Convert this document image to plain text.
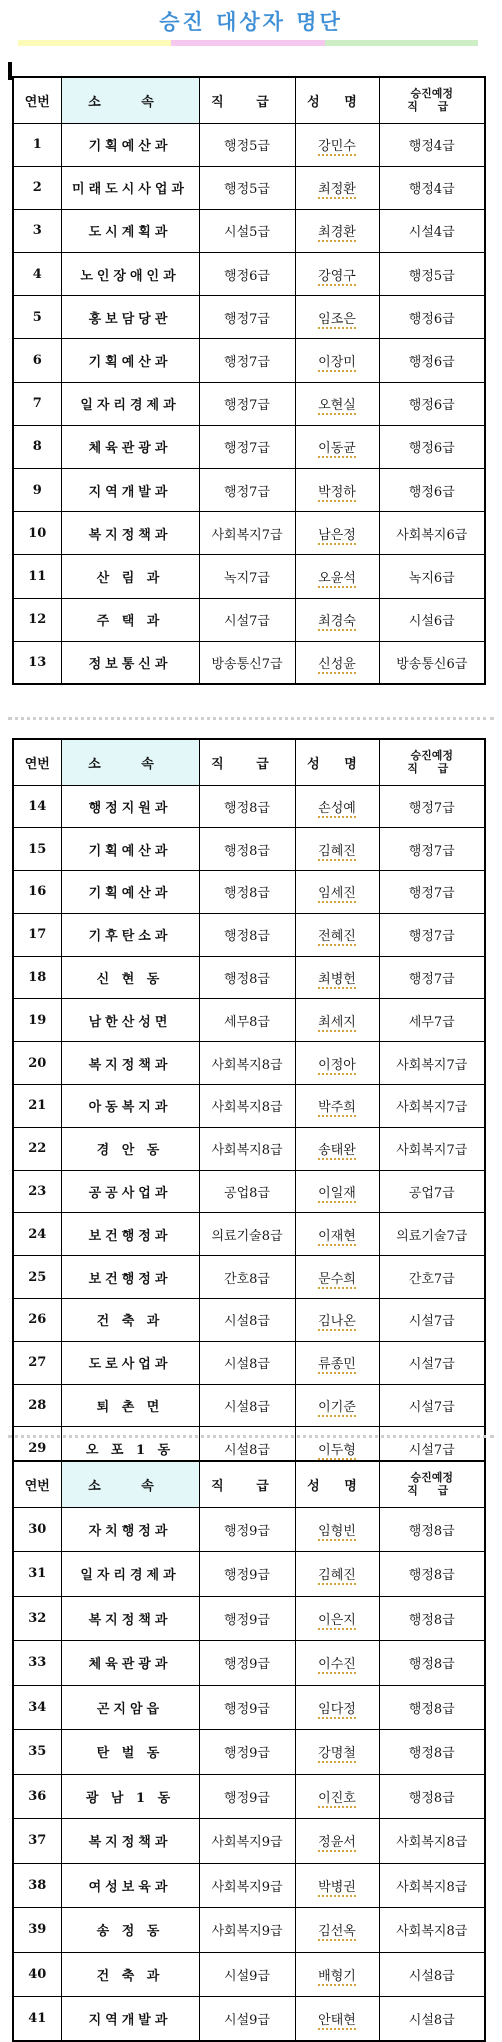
승진 대상자 명단
연번	소 속	직 급	성 명	승진예정
직 급

1	기획예산과	행정5급	강민수	행정4급
2	미래도시사업과	행정5급	최정환	행정4급
3	도시계획과	시설5급	최경환	시설4급
4	노인장애인과	행정6급	강영구	행정5급
5	홍보담당관	행정7급	임조은	행정6급
6	기획예산과	행정7급	이장미	행정6급
7	일자리경제과	행정7급	오현실	행정6급
8	체육관광과	행정7급	이동균	행정6급
9	지역개발과	행정7급	박정하	행정6급
10	복지정책과	사회복지7급	남은정	사회복지6급
11	산 림 과	녹지7급	오윤석	녹지6급
12	주 택 과	시설7급	최경숙	시설6급
13	정보통신과	방송통신7급	신성윤	방송통신6급
연번	소 속	직 급	성 명	승진예정
직 급

14	행정지원과	행정8급	손성예	행정7급
15	기획예산과	행정8급	김혜진	행정7급
16	기획예산과	행정8급	임세진	행정7급
17	기후탄소과	행정8급	전혜진	행정7급
18	신 현 동	행정8급	최병헌	행정7급
19	남한산성면	세무8급	최세지	세무7급
20	복지정책과	사회복지8급	이정아	사회복지7급
21	아동복지과	사회복지8급	박주희	사회복지7급
22	경 안 동	사회복지8급	송태완	사회복지7급
23	공공사업과	공업8급	이일재	공업7급
24	보건행정과	의료기술8급	이재현	의료기술7급
25	보건행정과	간호8급	문수희	간호7급
26	건 축 과	시설8급	김나온	시설7급
27	도로사업과	시설8급	류종민	시설7급
28	퇴 촌 면	시설8급	이기준	시설7급
29	오 포 1 동	시설8급	이두형	시설7급
연번	소 속	직 급	성 명	승진예정
직 급

30	자치행정과	행정9급	임형빈	행정8급
31	일자리경제과	행정9급	김혜진	행정8급
32	복지정책과	행정9급	이은지	행정8급
33	체육관광과	행정9급	이수진	행정8급
34	곤지암읍	행정9급	임다정	행정8급
35	탄 벌 동	행정9급	강명철	행정8급
36	광 남 1 동	행정9급	이진호	행정8급
37	복지정책과	사회복지9급	정윤서	사회복지8급
38	여성보육과	사회복지9급	박병권	사회복지8급
39	송 정 동	사회복지9급	김선옥	사회복지8급
40	건 축 과	시설9급	배형기	시설8급
41	지역개발과	시설9급	안태현	시설8급
